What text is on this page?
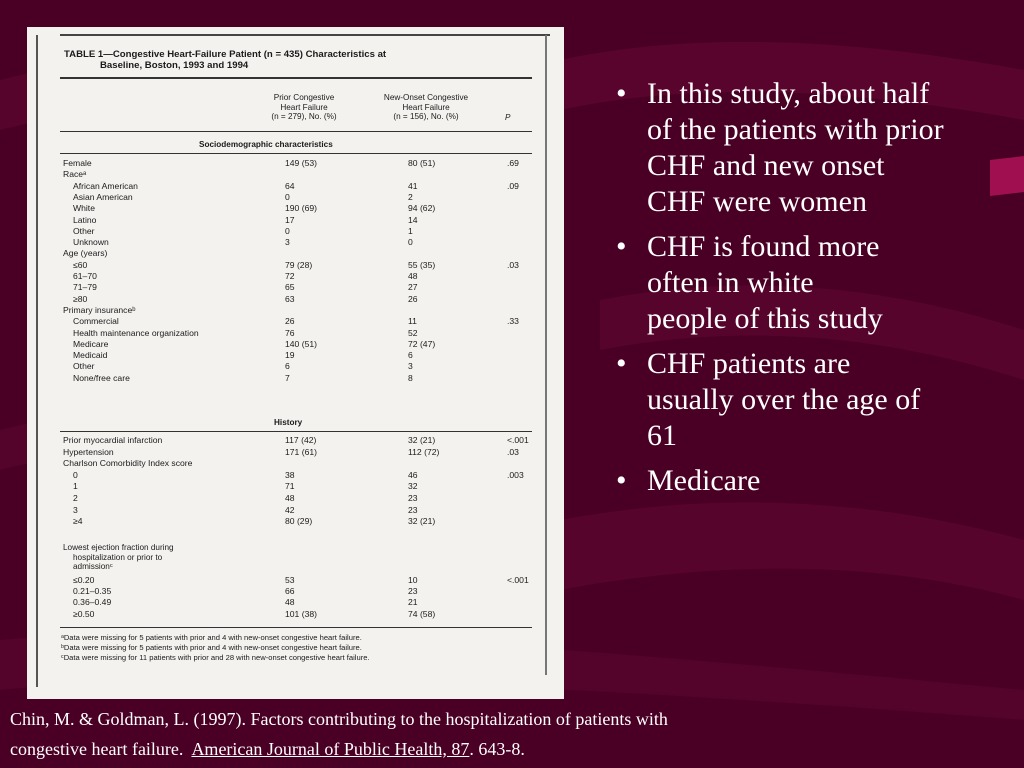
TABLE 1—Congestive Heart-Failure Patient (n = 435) Characteristics at
Baseline, Boston, 1993 and 1994
Prior Congestive
Heart Failure
(n = 279), No. (%)
New-Onset Congestive
Heart Failure
(n = 156), No. (%)	P
Sociodemographic characteristics
Female	149 (53)	80 (51)	.69
Raceᵃ
African American	64	41	.09
Asian American	0	2
White	190 (69)	94 (62)
Latino	17	14
Other	0	1
Unknown	3	0
Age (years)
≤60	79 (28)	55 (35)	.03
61–70	72	48
71–79	65	27
≥80	63	26
Primary insuranceᵇ
Commercial	26	11	.33
Health maintenance organization	76	52
Medicare	140 (51)	72 (47)
Medicaid	19	6
Other	6	3
None/free care	7	8
History
Prior myocardial infarction	117 (42)	32 (21)	<.001
Hypertension	171 (61)	112 (72)	.03
Charlson Comorbidity Index score
0	38	46	.003
1	71	32
2	48	23
3	42	23
≥4	80 (29)	32 (21)
Lowest ejection fraction during
hospitalization or prior to
admissionᶜ
≤0.20	53	10	<.001
0.21–0.35	66	23
0.36–0.49	48	21
≥0.50	101 (38)	74 (58)
ᵃData were missing for 5 patients with prior and 4 with new-onset congestive heart failure.
ᵇData were missing for 5 patients with prior and 4 with new-onset congestive heart failure.
ᶜData were missing for 11 patients with prior and 28 with new-onset congestive heart failure.
• In this study, about half of the patients with prior CHF and new onset CHF were women
• CHF is found more often in white people of this study
• CHF patients are usually over the age of 61
• Medicare
Chin, M. & Goldman, L. (1997). Factors contributing to the hospitalization of patients with
congestive heart failure.  American Journal of Public Health, 87. 643-8.
